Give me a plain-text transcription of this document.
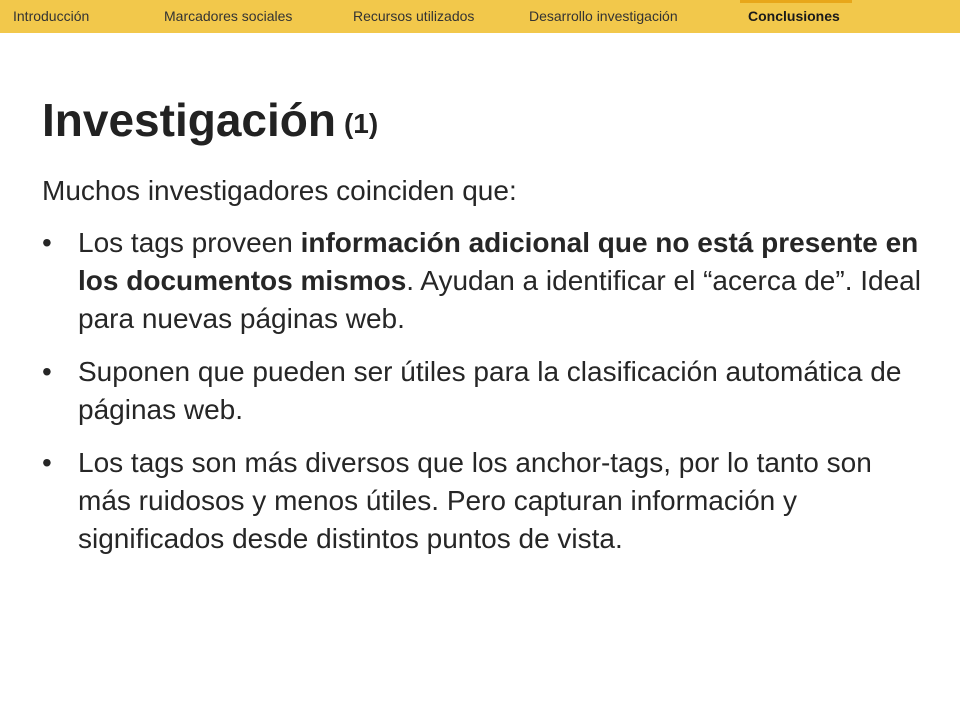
Introducción	Marcadores sociales	Recursos utilizados	Desarrollo investigación	Conclusiones
Investigación (1)

Muchos investigadores coinciden que:

• Los tags proveen información adicional que no está presente en los documentos mismos. Ayudan a identificar el “acerca de”. Ideal para nuevas páginas web.
• Suponen que pueden ser útiles para la clasificación automática de páginas web.
• Los tags son más diversos que los anchor-tags, por lo tanto son más ruidosos y menos útiles. Pero capturan información y significados desde distintos puntos de vista.
